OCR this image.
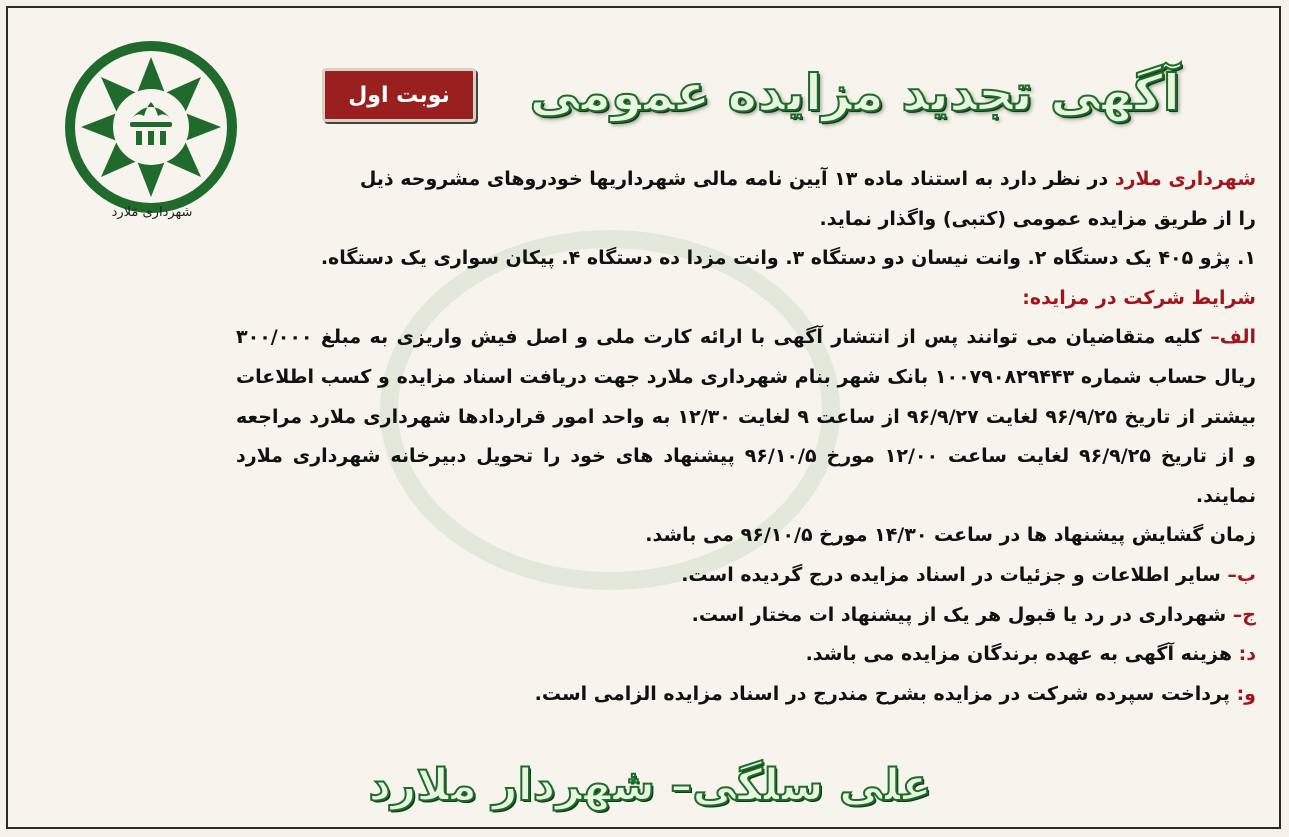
شهرداری مَلارد
آگهی تجدید مزایده عمومی
نوبت اول

شهرداری ملارد در نظر دارد به استناد ماده ۱۳ آیین نامه مالی شهرداریها خودروهای مشروحه ذیل

را از طریق مزایده عمومی (کتبی) واگذار نماید.

۱. پژو ۴۰۵ یک دستگاه ۲. وانت نیسان دو دستگاه ۳. وانت مزدا ده دستگاه ۴. پیکان سواری یک دستگاه.

شرایط شرکت در مزایده:

الف– کلیه متقاضیان می توانند پس از انتشار آگهی با ارائه کارت ملی و اصل فیش واریزی به مبلغ ۳۰۰/۰۰۰ ریال حساب شماره ۱۰۰۷۹۰۸۲۹۴۴۳ بانک شهر بنام شهرداری ملارد جهت دریافت اسناد مزایده و کسب اطلاعات بیشتر از تاریخ ۹۶/۹/۲۵ لغایت ۹۶/۹/۲۷ از ساعت ۹ لغایت ۱۲/۳۰ به واحد امور قراردادها شهرداری ملارد مراجعه و از تاریخ ۹۶/۹/۲۵ لغایت ساعت ۱۲/۰۰ مورخ ۹۶/۱۰/۵ پیشنهاد های خود را تحویل دبیرخانه شهرداری ملارد نمایند.

زمان گشایش پیشنهاد ها در ساعت ۱۴/۳۰ مورخ ۹۶/۱۰/۵ می باشد.

ب– سایر اطلاعات و جزئیات در اسناد مزایده درج گردیده است.

ج– شهرداری در رد یا قبول هر یک از پیشنهاد ات مختار است.

د: هزینه آگهی به عهده برندگان مزایده می باشد.

و: پرداخت سپرده شرکت در مزایده بشرح مندرج در اسناد مزایده الزامی است.

علی سلگی– شهردار ملارد
